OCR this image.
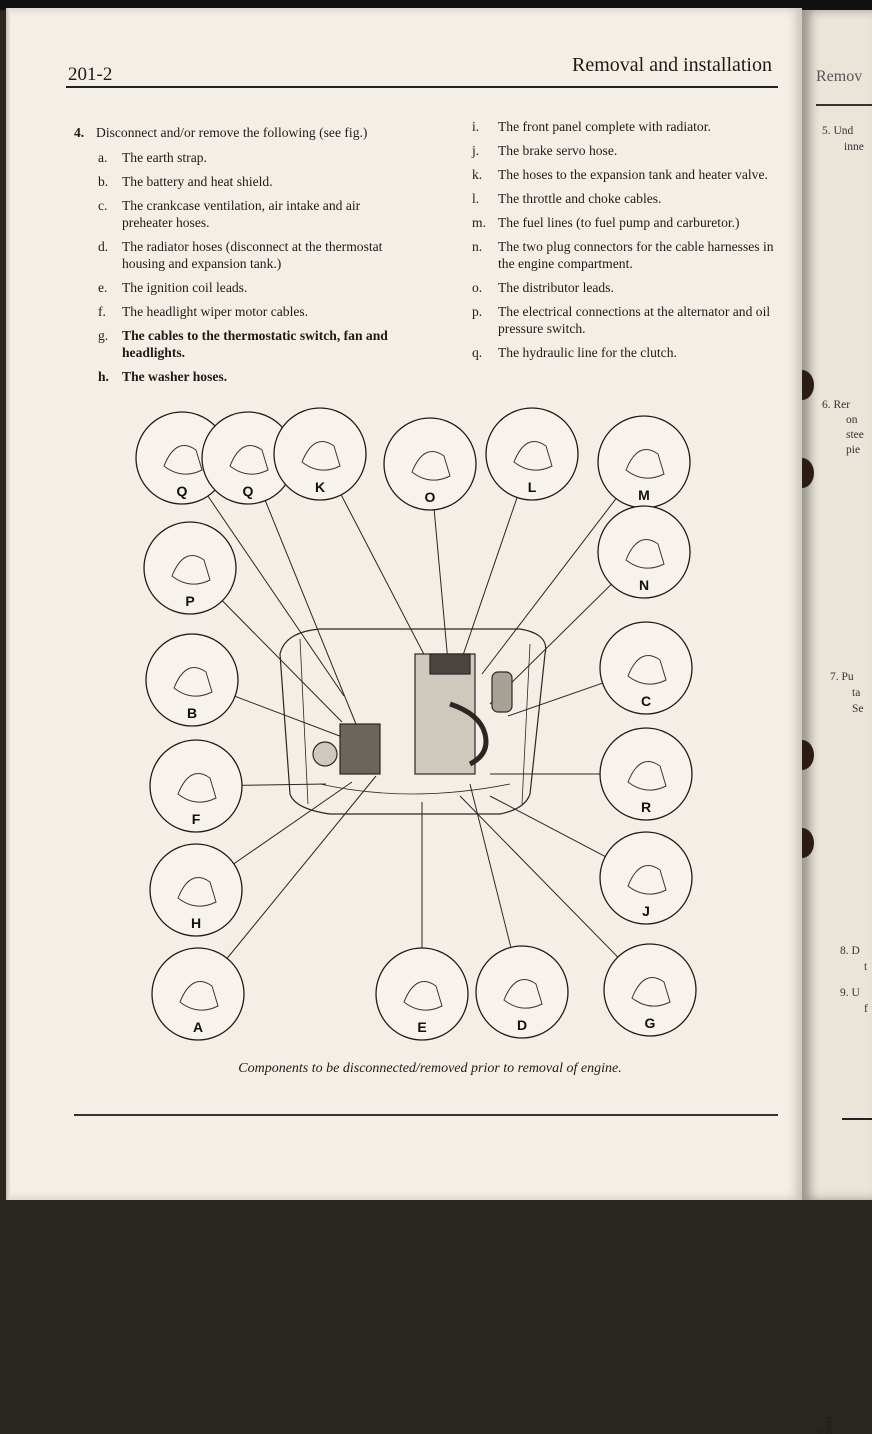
201-2	Removal and installation
4. Disconnect and/or remove the following (see fig.)
a. The earth strap.
b. The battery and heat shield.
c. The crankcase ventilation, air intake and air preheater hoses.
d. The radiator hoses (disconnect at the thermostat housing and expansion tank.)
e. The ignition coil leads.
f. The headlight wiper motor cables.
g. The cables to the thermostatic switch, fan and headlights.
h. The washer hoses.
i. The front panel complete with radiator.
j. The brake servo hose.
k. The hoses to the expansion tank and heater valve.
l. The throttle and choke cables.
m. The fuel lines (to fuel pump and carburetor.)
n. The two plug connectors for the cable harnesses in the engine compartment.
o. The distributor leads.
p. The electrical connections at the alternator and oil pressure switch.
q. The hydraulic line for the clutch.
Q	Q	K
O
L	M
P
N
B
C
F
R
H
J
A	E	D	G
S 2544
Components to be disconnected/removed prior to removal of engine.
Remov
5. Und
inne
6. Rer
on
stee
pie
7. Pu
ta
Se
8. D
t
9. U
f
